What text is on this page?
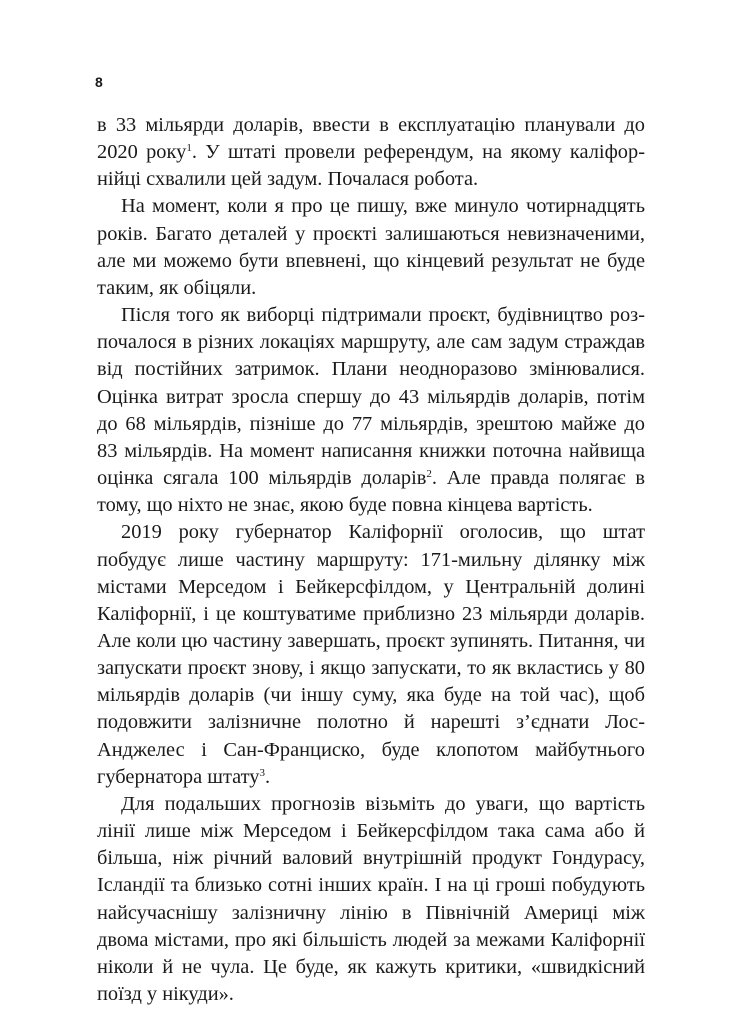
8

в 33 мільярди доларів, ввести в експлуатацію планували до 2020 року$^1$. У штаті провели референдум, на якому каліфорнійці схвалили цей задум. Почалася робота.

На момент, коли я про це пишу, вже минуло чотирнадцять років. Багато деталей у проєкті залишаються невизначеними, але ми можемо бути впевнені, що кінцевий результат не буде таким, як обіцяли.

Після того як виборці підтримали проєкт, будівництво розпочалося в різних локаціях маршруту, але сам задум страждав від постійних затримок. Плани неодноразово змінювалися. Оцінка витрат зросла спершу до 43 мільярдів доларів, потім до 68 мільярдів, пізніше до 77 мільярдів, зрештою майже до 83 мільярдів. На момент написання книжки поточна найвища оцінка сягала 100 мільярдів доларів$^2$. Але правда полягає в тому, що ніхто не знає, якою буде повна кінцева вартість.

2019 року губернатор Каліфорнії оголосив, що штат побудує лише частину маршруту: 171-мильну ділянку між містами Мерседом і Бейкерсфілдом, у Центральній долині Каліфорнії, і це коштуватиме приблизно 23 мільярди доларів. Але коли цю частину завершать, проєкт зупинять. Питання, чи запускати проєкт знову, і якщо запускати, то як вкластись у 80 мільярдів доларів (чи іншу суму, яка буде на той час), щоб подовжити залізничне полотно й нарешті з’єднати Лос-Анджелес і Сан-Франциско, буде клопотом майбутнього губернатора штату$^3$.

Для подальших прогнозів візьміть до уваги, що вартість лінії лише між Мерседом і Бейкерсфілдом така сама або й більша, ніж річний валовий внутрішній продукт Гондурасу, Ісландії та близько сотні інших країн. І на ці гроші побудують найсучаснішу залізничну лінію в Північній Америці між двома містами, про які більшість людей за межами Каліфорнії ніколи й не чула. Це буде, як кажуть критики, «швидкісний поїзд у нікуди».
